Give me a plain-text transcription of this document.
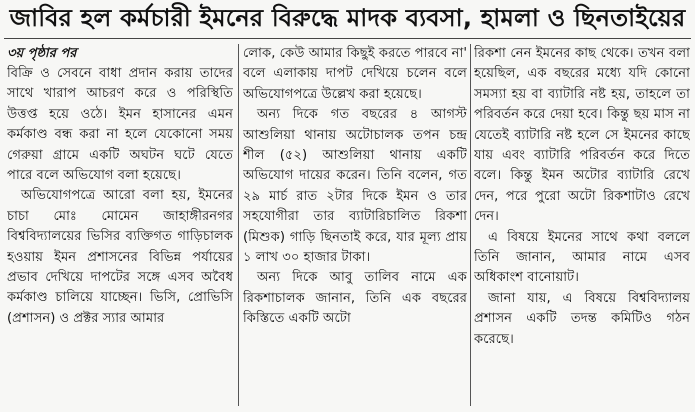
জাবির হল কর্মচারী ইমনের বিরুদ্ধে মাদক ব্যবসা, হামলা ও ছিনতাইয়ের

৩য় পৃষ্ঠার পর

বিক্রি ও সেবনে বাধা প্রদান করায় তাদের সাথে খারাপ আচরণ করে ও পরিস্থিতি উত্তপ্ত হয়ে ওঠে। ইমন হাসানের এমন কর্মকাণ্ড বন্ধ করা না হলে যেকোনো সময় গেরুয়া গ্রামে একটি অঘটন ঘটে যেতে পারে বলে অভিযোগ বলা হয়েছে।

অভিযোগপত্রে আরো বলা হয়, ইমনের চাচা মোঃ মোমেন জাহাঙ্গীরনগর বিশ্ববিদ্যালয়ের ভিসির ব্যক্তিগত গাড়িচালক হওয়ায় ইমন প্রশাসনের বিভিন্ন পর্যায়ের প্রভাব দেখিয়ে দাপটের সঙ্গে এসব অবৈধ কর্মকাণ্ড চালিয়ে যাচ্ছেন। ভিসি, প্রোভিসি (প্রশাসন) ও প্রক্টর স্যার আমার

লোক, কেউ আমার কিছুই করতে পারবে না' বলে এলাকায় দাপট দেখিয়ে চলেন বলে অভিযোগপত্রে উল্লেখ করা হয়েছে।

অন্য দিকে গত বছরের ৪ আগস্ট আশুলিয়া থানায় অটোচালক তপন চন্দ্র শীল (৫২) আশুলিয়া থানায় একটি অভিযোগ দায়ের করেন। তিনি বলেন, গত ২৯ মার্চ রাত ২টার দিকে ইমন ও তার সহযোগীরা তার ব্যাটারিচালিত রিকশা (মিশুক) গাড়ি ছিনতাই করে, যার মূল্য প্রায় ১ লাখ ৩০ হাজার টাকা।

অন্য দিকে আবু তালিব নামে এক রিকশাচালক জানান, তিনি এক বছরের কিস্তিতে একটি অটো

রিকশা নেন ইমনের কাছ থেকে। তখন বলা হয়েছিল, এক বছরের মধ্যে যদি কোনো সমস্যা হয় বা ব্যাটারি নষ্ট হয়, তাহলে তা পরিবর্তন করে দেয়া হবে। কিন্তু ছয় মাস না যেতেই ব্যাটারি নষ্ট হলে সে ইমনের কাছে যায় এবং ব্যাটারি পরিবর্তন করে দিতে বলে। কিন্তু ইমন অটোর ব্যাটারি রেখে দেন, পরে পুরো অটো রিকশাটাও রেখে দেন।

এ বিষয়ে ইমনের সাথে কথা বললে তিনি জানান, আমার নামে এসব অধিকাংশ বানোয়াট।

জানা যায়, এ বিষয়ে বিশ্ববিদ্যালয় প্রশাসন একটি তদন্ত কমিটিও গঠন করেছে।
